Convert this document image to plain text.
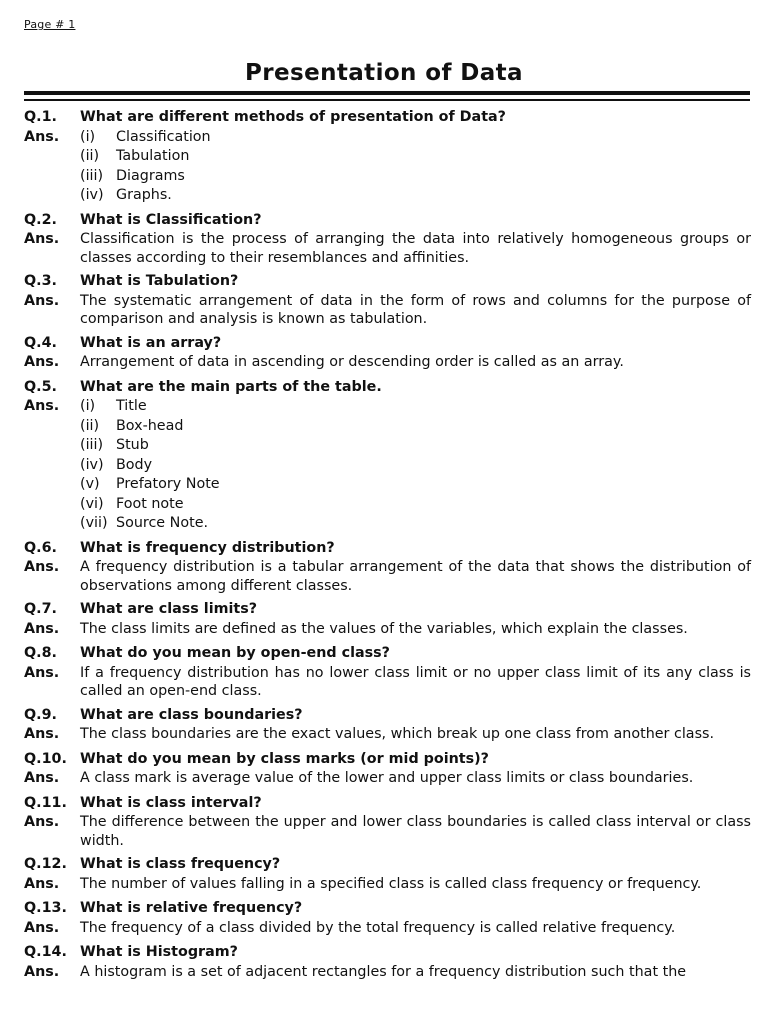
Page # 1
Presentation of Data
Q.1.	What are different methods of presentation of Data?
Ans.	(i)	Classification
(ii)	Tabulation
(iii) Diagrams
(iv) Graphs.
Q.2.	What is Classification?
Ans.	Classification is the process of arranging the data into relatively homogeneous groups or classes according to their resemblances and affinities.
Q.3.	What is Tabulation?
Ans.	The systematic arrangement of data in the form of rows and columns for the purpose of comparison and analysis is known as tabulation.
Q.4.	What is an array?
Ans.	Arrangement of data in ascending or descending order is called as an array.
Q.5.	What are the main parts of the table.
Ans.	(i)	Title
(ii)	Box-head
(iii) Stub
(iv) Body
(v)	Prefatory Note
(vi) Foot note
(vii) Source Note.
Q.6.	What is frequency distribution?
Ans.	A frequency distribution is a tabular arrangement of the data that shows the distribution of observations among different classes.
Q.7.	What are class limits?
Ans.	The class limits are defined as the values of the variables, which explain the classes.
Q.8.	What do you mean by open-end class?
Ans.	If a frequency distribution has no lower class limit or no upper class limit of its any class is called an open-end class.
Q.9.	What are class boundaries?
Ans.	The class boundaries are the exact values, which break up one class from another class.
Q.10. What do you mean by class marks (or mid points)?
Ans.	A class mark is average value of the lower and upper class limits or class boundaries.
Q.11. What is class interval?
Ans.	The difference between the upper and lower class boundaries is called class interval or class width.
Q.12. What is class frequency?
Ans.	The number of values falling in a specified class is called class frequency or frequency.
Q.13. What is relative frequency?
Ans.	The frequency of a class divided by the total frequency is called relative frequency.
Q.14. What is Histogram?
Ans.	A histogram is a set of adjacent rectangles for a frequency distribution such that the
